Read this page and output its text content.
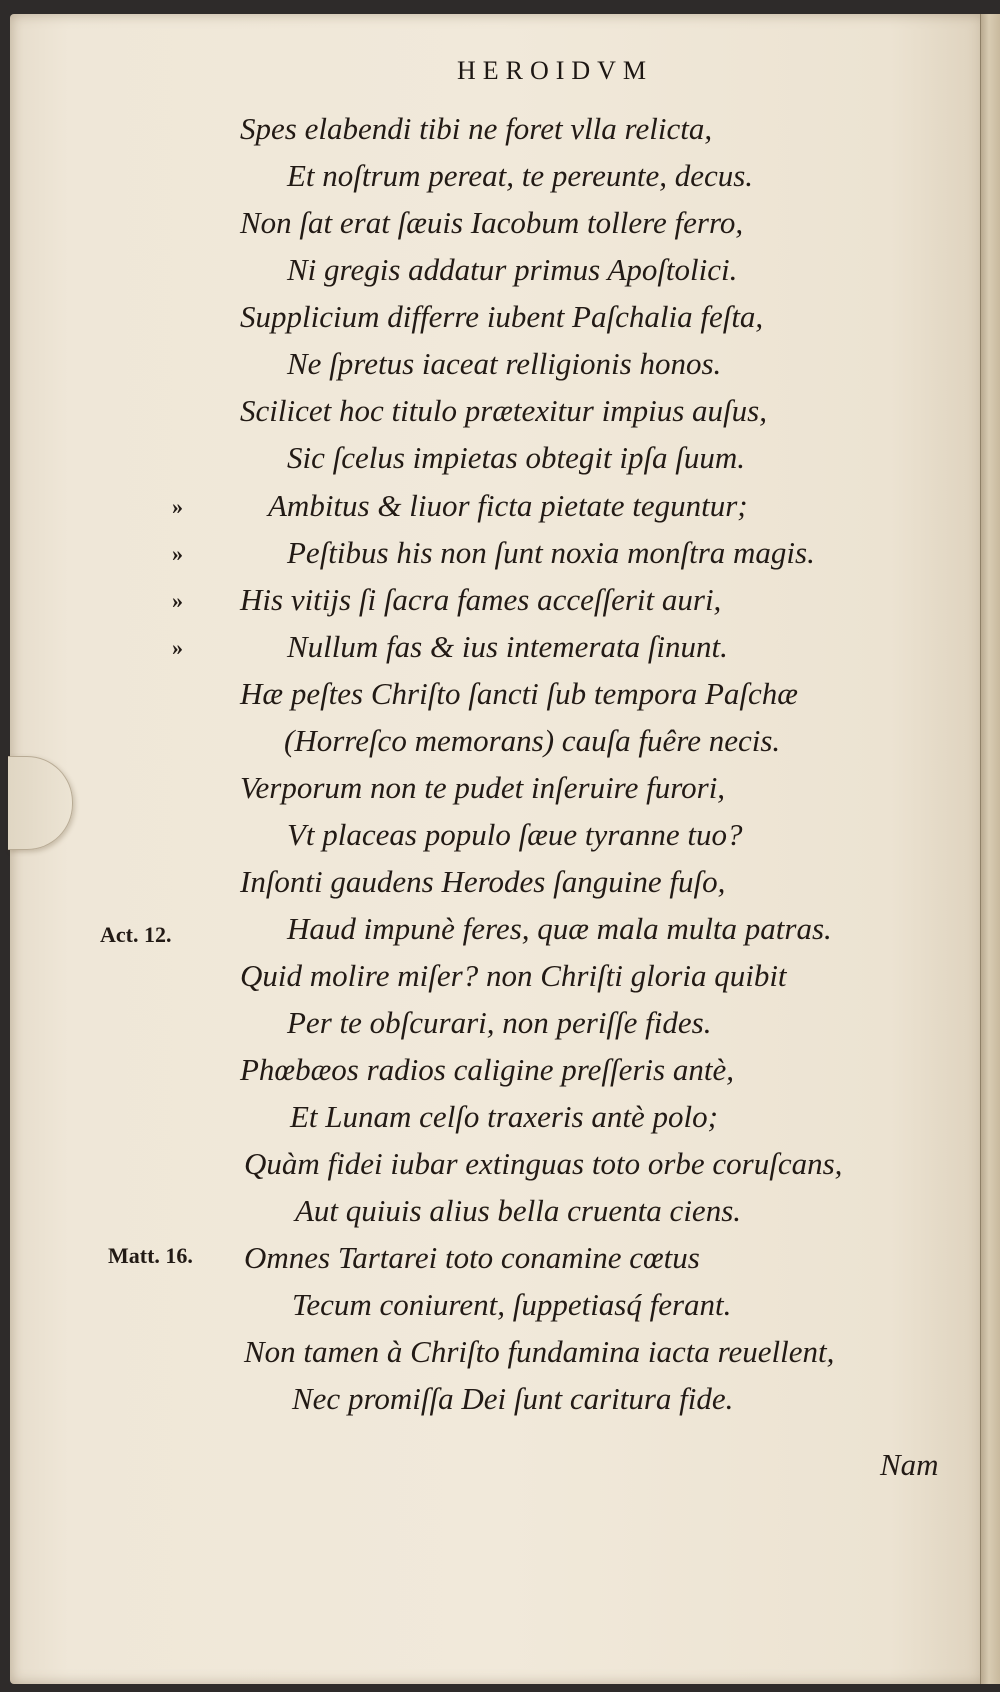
HEROIDVM
Spes elabendi tibi ne foret vlla relicta,
Et noſtrum pereat, te pereunte, decus.
Non ſat erat ſæuis Iacobum tollere ferro,
Ni gregis addatur primus Apoſtolici.
Supplicium differre iubent Paſchalia feſta,
Ne ſpretus iaceat relligionis honos.
Scilicet hoc titulo prætexitur impius auſus,
Sic ſcelus impietas obtegit ipſa ſuum.
Ambitus & liuor ficta pietate teguntur;
Peſtibus his non ſunt noxia monſtra magis.
His vitijs ſi ſacra fames acceſſerit auri,
Nullum fas & ius intemerata ſinunt.
Hæ peſtes Chriſto ſancti ſub tempora Paſchæ
(Horreſco memorans) cauſa fuêre necis.
Verporum non te pudet inſeruire furori,
Vt placeas populo ſæue tyranne tuo?
Inſonti gaudens Herodes ſanguine fuſo,
Haud impunè feres, quæ mala multa patras.
Quid molire miſer? non Chriſti gloria quibit
Per te obſcurari, non periſſe fides.
Phœbæos radios caligine preſſeris antè,
Et Lunam celſo traxeris antè polo;
Quàm fidei iubar extinguas toto orbe coruſcans,
Aut quiuis alius bella cruenta ciens.
Omnes Tartarei toto conamine cœtus
Tecum coniurent, ſuppetiasq́ ferant.
Non tamen à Chriſto fundamina iacta reuellent,
Nec promiſſa Dei ſunt caritura fide.
»
»
»
»
Act. 12.
Matt. 16.
Nam
